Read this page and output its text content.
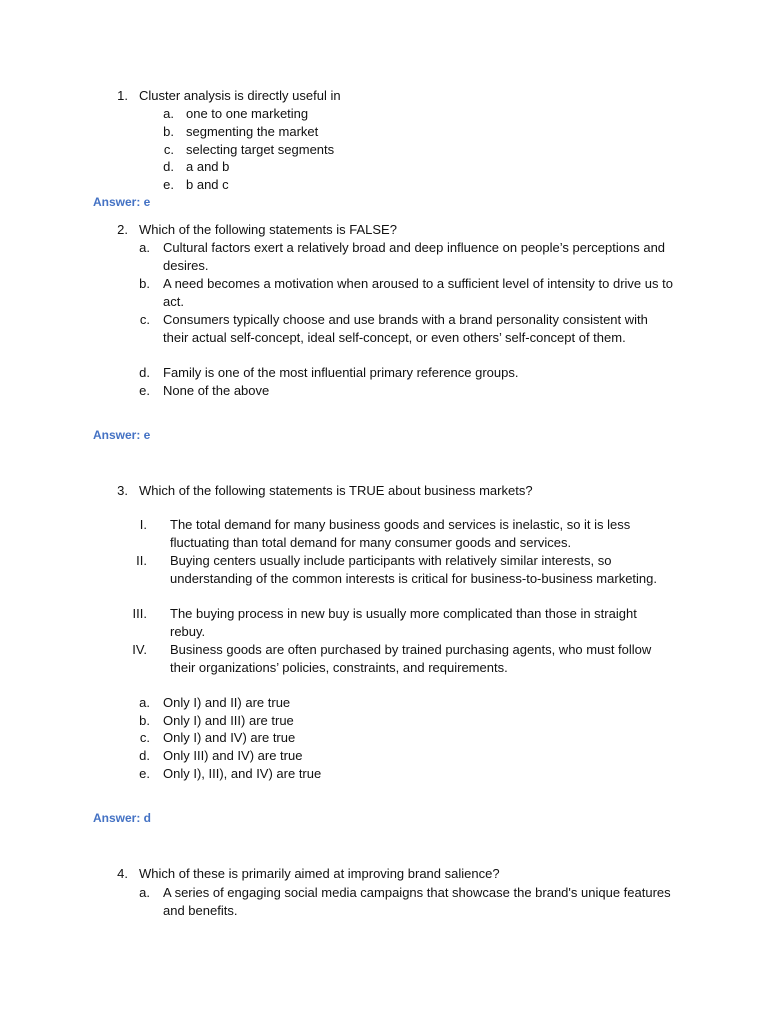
1. Cluster analysis is directly useful in
a. one to one marketing
b. segmenting the market
c. selecting target segments
d. a and b
e. b and c
Answer: e
2. Which of the following statements is FALSE?
a. Cultural factors exert a relatively broad and deep influence on people’s perceptions and desires.
b. A need becomes a motivation when aroused to a sufficient level of intensity to drive us to act.
c. Consumers typically choose and use brands with a brand personality consistent with their actual self-concept, ideal self-concept, or even others’ self-concept of them.
d. Family is one of the most influential primary reference groups.
e. None of the above
Answer: e
3. Which of the following statements is TRUE about business markets?
I. The total demand for many business goods and services is inelastic, so it is less fluctuating than total demand for many consumer goods and services.
II. Buying centers usually include participants with relatively similar interests, so understanding of the common interests is critical for business-to-business marketing.
III. The buying process in new buy is usually more complicated than those in straight rebuy.
IV. Business goods are often purchased by trained purchasing agents, who must follow their organizations’ policies, constraints, and requirements.
a. Only I) and II) are true
b. Only I) and III) are true
c. Only I) and IV) are true
d. Only III) and IV) are true
e. Only I), III), and IV) are true
Answer: d
4. Which of these is primarily aimed at improving brand salience?
a. A series of engaging social media campaigns that showcase the brand's unique features and benefits.
